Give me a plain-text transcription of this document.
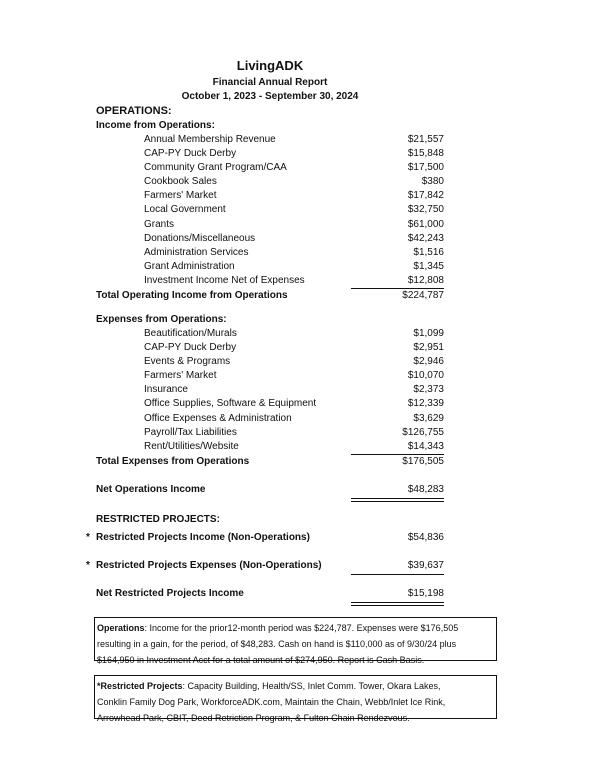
LivingADK
Financial Annual Report
October 1, 2023 - September 30, 2024
OPERATIONS:
Income from Operations:
Annual Membership Revenue	$21,557
CAP-PY Duck Derby	$15,848
Community Grant Program/CAA	$17,500
Cookbook Sales	$380
Farmers' Market	$17,842
Local Government	$32,750
Grants	$61,000
Donations/Miscellaneous	$42,243
Administration Services	$1,516
Grant Administration	$1,345
Investment Income Net of Expenses	$12,808
Total Operating Income from Operations	$224,787
Expenses from Operations:
Beautification/Murals	$1,099
CAP-PY Duck Derby	$2,951
Events & Programs	$2,946
Farmers' Market	$10,070
Insurance	$2,373
Office Supplies, Software & Equipment	$12,339
Office Expenses & Administration	$3,629
Payroll/Tax Liabilities	$126,755
Rent/Utilities/Website	$14,343
Total Expenses from Operations	$176,505
Net Operations Income	$48,283
RESTRICTED PROJECTS:
* Restricted Projects Income (Non-Operations)	$54,836
* Restricted Projects Expenses (Non-Operations)	$39,637
Net Restricted Projects Income	$15,198
Operations: Income for the prior12-month period was $224,787. Expenses were $176,505
resulting in a gain, for the period, of $48,283. Cash on hand is $110,000 as of 9/30/24 plus
$164,950 in Investment Acct for a total amount of $274,950. Report is Cash Basis.
*Restricted Projects: Capacity Building, Health/SS, Inlet Comm. Tower, Okara Lakes,
Conklin Family Dog Park, WorkforceADK.com, Maintain the Chain, Webb/Inlet Ice Rink,
Arrowhead Park, CBIT, Deed Retriction Program, & Fulton Chain Rendezvous.
